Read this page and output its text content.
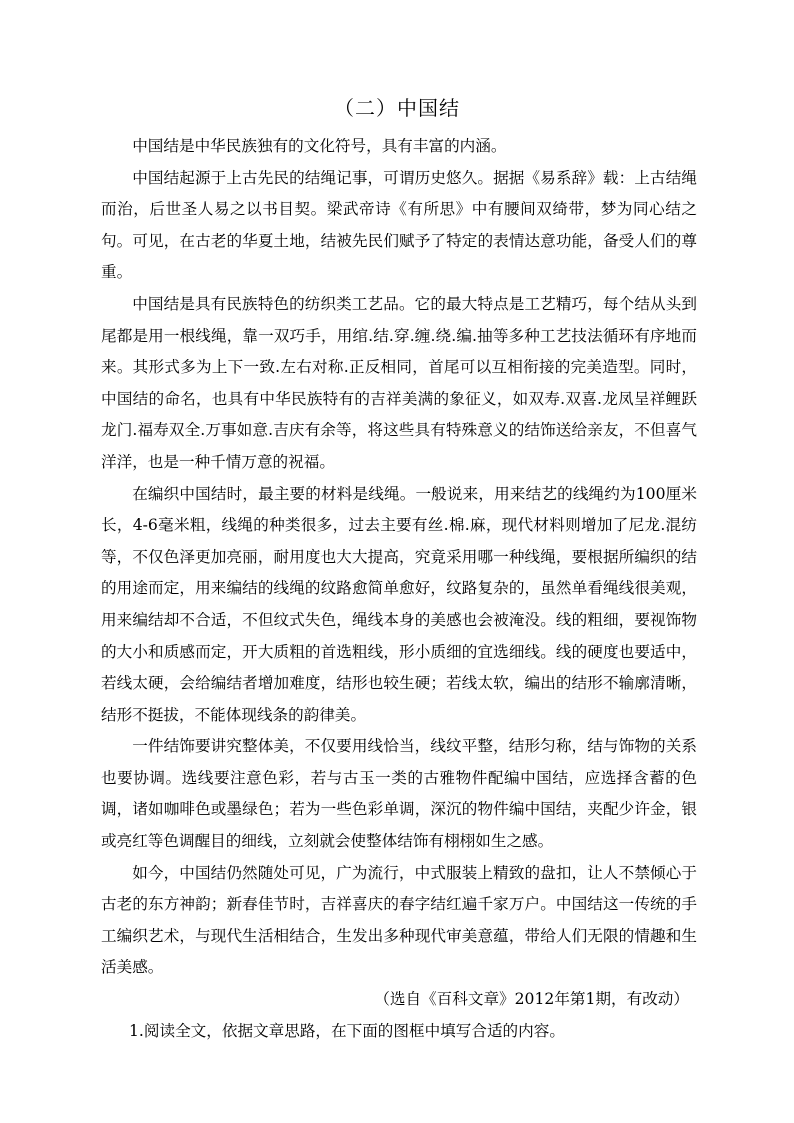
（二）中国结

中国结是中华民族独有的文化符号，具有丰富的内涵。

中国结起源于上古先民的结绳记事，可谓历史悠久。据据《易系辞》载：上古结绳而治，后世圣人易之以书目契。梁武帝诗《有所思》中有腰间双绮带，梦为同心结之句。可见，在古老的华夏土地，结被先民们赋予了特定的表情达意功能，备受人们的尊重。

中国结是具有民族特色的纺织类工艺品。它的最大特点是工艺精巧，每个结从头到尾都是用一根线绳，靠一双巧手，用绾.结.穿.缠.绕.编.抽等多种工艺技法循环有序地而来。其形式多为上下一致.左右对称.正反相同，首尾可以互相衔接的完美造型。同时，中国结的命名，也具有中华民族特有的吉祥美满的象征义，如双寿.双喜.龙凤呈祥鲤跃龙门.福寿双全.万事如意.吉庆有余等，将这些具有特殊意义的结饰送给亲友，不但喜气洋洋，也是一种千情万意的祝福。

在编织中国结时，最主要的材料是线绳。一般说来，用来结艺的线绳约为100厘米长，4-6毫米粗，线绳的种类很多，过去主要有丝.棉.麻，现代材料则增加了尼龙.混纺等，不仅色泽更加亮丽，耐用度也大大提高，究竟采用哪一种线绳，要根据所编织的结的用途而定，用来编结的线绳的纹路愈简单愈好，纹路复杂的，虽然单看绳线很美观，用来编结却不合适，不但纹式失色，绳线本身的美感也会被淹没。线的粗细，要视饰物的大小和质感而定，开大质粗的首选粗线，形小质细的宜选细线。线的硬度也要适中，若线太硬，会给编结者增加难度，结形也较生硬；若线太软，编出的结形不输廓清晰，结形不挺拔，不能体现线条的韵律美。

一件结饰要讲究整体美，不仅要用线恰当，线纹平整，结形匀称，结与饰物的关系也要协调。选线要注意色彩，若与古玉一类的古雅物件配编中国结，应选择含蓄的色调，诸如咖啡色或墨绿色；若为一些色彩单调，深沉的物件编中国结，夹配少许金，银或亮红等色调醒目的细线，立刻就会使整体结饰有栩栩如生之感。

如今，中国结仍然随处可见，广为流行，中式服装上精致的盘扣，让人不禁倾心于古老的东方神韵；新春佳节时，吉祥喜庆的春字结红遍千家万户。中国结这一传统的手工编织艺术，与现代生活相结合，生发出多种现代审美意蕴，带给人们无限的情趣和生活美感。

（选自《百科文章》2012年第1期，有改动）

1.阅读全文，依据文章思路，在下面的图框中填写合适的内容。
